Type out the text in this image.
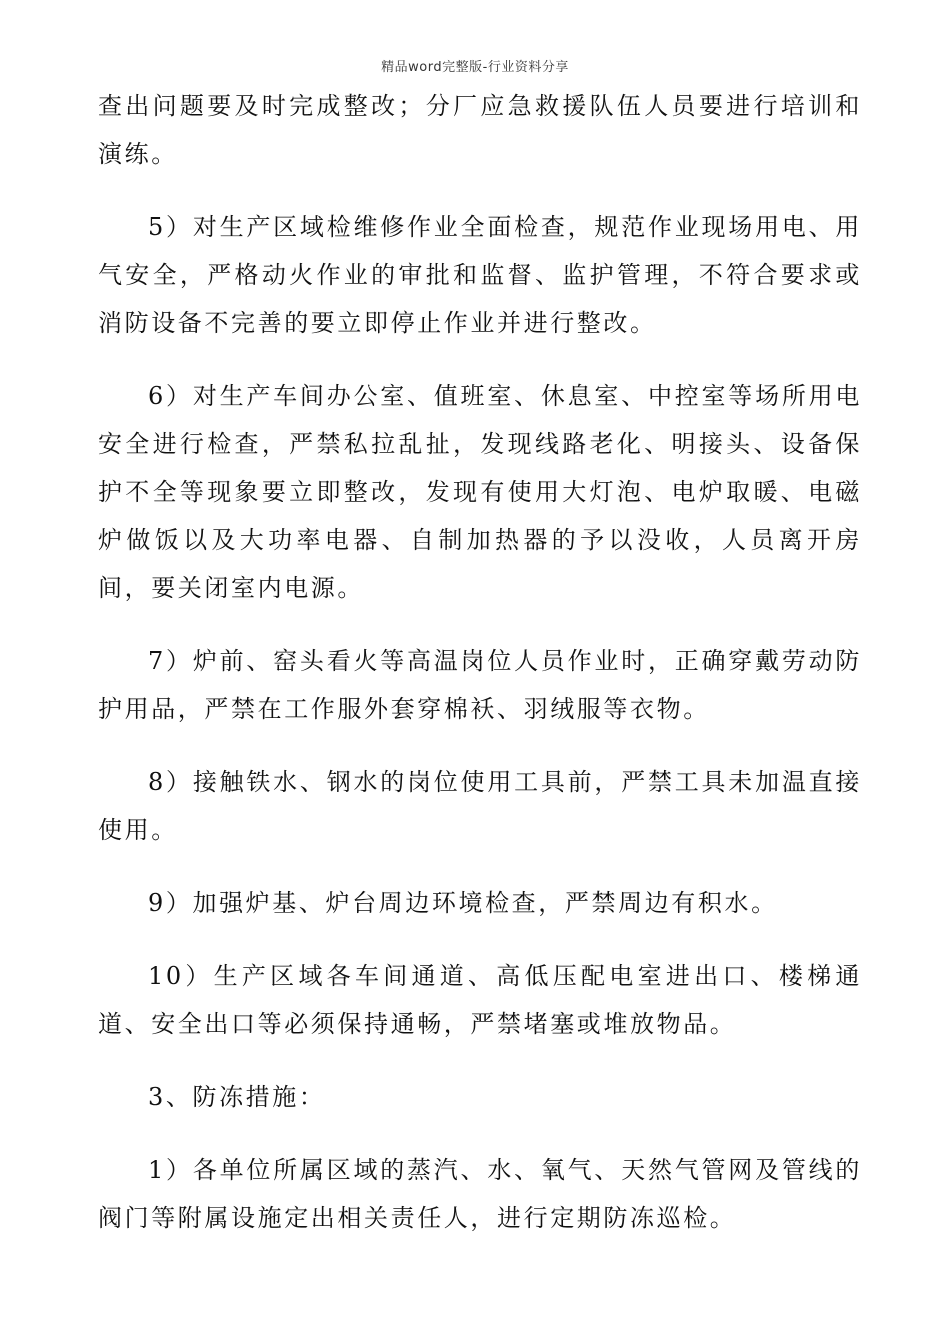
精品word完整版-行业资料分享

查出问题要及时完成整改；分厂应急救援队伍人员要进行培训和演练。

5）对生产区域检维修作业全面检查，规范作业现场用电、用气安全，严格动火作业的审批和监督、监护管理，不符合要求或消防设备不完善的要立即停止作业并进行整改。

6）对生产车间办公室、值班室、休息室、中控室等场所用电安全进行检查，严禁私拉乱扯，发现线路老化、明接头、设备保护不全等现象要立即整改，发现有使用大灯泡、电炉取暖、电磁炉做饭以及大功率电器、自制加热器的予以没收，人员离开房间，要关闭室内电源。

7）炉前、窑头看火等高温岗位人员作业时，正确穿戴劳动防护用品，严禁在工作服外套穿棉袄、羽绒服等衣物。

8）接触铁水、钢水的岗位使用工具前，严禁工具未加温直接使用。

9）加强炉基、炉台周边环境检查，严禁周边有积水。

10）生产区域各车间通道、高低压配电室进出口、楼梯通道、安全出口等必须保持通畅，严禁堵塞或堆放物品。

3、防冻措施：

1）各单位所属区域的蒸汽、水、氧气、天然气管网及管线的阀门等附属设施定出相关责任人，进行定期防冻巡检。
